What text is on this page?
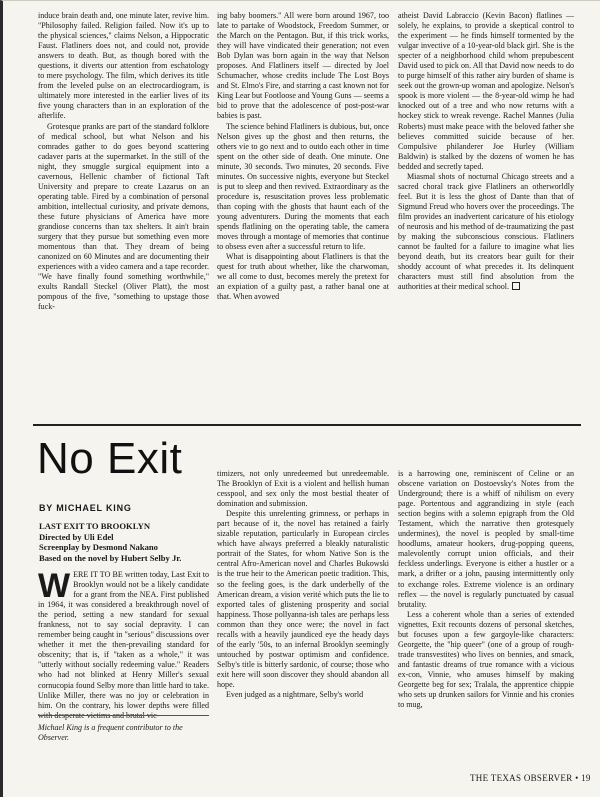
induce brain death and, one minute later, revive him. "Philosophy failed. Religion failed. Now it's up to the physical sciences," claims Nelson, a Hippocratic Faust. Flatliners does not, and could not, provide answers to death. But, as though bored with the questions, it diverts our attention from eschatology to mere psychology. The film, which derives its title from the leveled pulse on an electrocardiogram, is ultimately more interested in the earlier lives of its five young characters than in an exploration of the afterlife.

Grotesque pranks are part of the standard folklore of medical school, but what Nelson and his comrades gather to do goes beyond scattering cadaver parts at the supermarket. In the still of the night, they smuggle surgical equipment into a cavernous, Hellenic chamber of fictional Taft University and prepare to create Lazarus on an operating table. Fired by a combination of personal ambition, intellectual curiosity, and private demons, these future physicians of America have more grandiose concerns than tax shelters. It ain't brain surgery that they pursue but something even more momentous than that. They dream of being canonized on 60 Minutes and are documenting their experiences with a video camera and a tape recorder. "We have finally found something worthwhile," exults Randall Steckel (Oliver Platt), the most pompous of the five, "something to upstage those fuck-

ing baby boomers." All were born around 1967, too late to partake of Woodstock, Freedom Summer, or the March on the Pentagon. But, if this trick works, they will have vindicated their generation; not even Bob Dylan was born again in the way that Nelson proposes. And Flatliners itself — directed by Joel Schumacher, whose credits include The Lost Boys and St. Elmo's Fire, and starring a cast known not for King Lear but Footloose and Young Guns — seems a bid to prove that the adolescence of post-post-war babies is past.

The science behind Flatliners is dubious, but, once Nelson gives up the ghost and then returns, the others vie to go next and to outdo each other in time spent on the other side of death. One minute. One minute, 30 seconds. Two minutes, 20 seconds. Five minutes. On successive nights, everyone but Steckel is put to sleep and then revived. Extraordinary as the procedure is, resuscitation proves less problematic than coping with the ghosts that haunt each of the young adventurers. During the moments that each spends flatlining on the operating table, the camera moves through a montage of memories that continue to obsess even after a successful return to life.

What is disappointing about Flatliners is that the quest for truth about whether, like the charwoman, we all come to dust, becomes merely the pretext for an expiation of a guilty past, a rather banal one at that. When avowed

atheist David Labraccio (Kevin Bacon) flatlines — solely, he explains, to provide a skeptical control to the experiment — he finds himself tormented by the vulgar invective of a 10-year-old black girl. She is the specter of a neighborhood child whom prepubescent David used to pick on. All that David now needs to do to purge himself of this rather airy burden of shame is seek out the grown-up woman and apologize. Nelson's spook is more violent — the 8-year-old wimp he had knocked out of a tree and who now returns with a hockey stick to wreak revenge. Rachel Mannes (Julia Roberts) must make peace with the beloved father she believes committed suicide because of her. Compulsive philanderer Joe Hurley (William Baldwin) is stalked by the dozens of women he has bedded and secretly taped.

Miasmal shots of nocturnal Chicago streets and a sacred choral track give Flatliners an otherworldly feel. But it is less the ghost of Dante than that of Sigmund Freud who hovers over the proceedings. The film provides an inadvertent caricature of his etiology of neurosis and his method of de-traumatizing the past by making the subconscious conscious. Flatliners cannot be faulted for a failure to imagine what lies beyond death, but its creators bear guilt for their shoddy account of what precedes it. Its delinquent characters must still find absolution from the authorities at their medical school.

No Exit
BY MICHAEL KING
LAST EXIT TO BROOKLYN
Directed by Uli Edel
Screenplay by Desmond Nakano
Based on the novel by Hubert Selby Jr.

WERE IT TO BE written today, Last Exit to Brooklyn would not be a likely candidate for a grant from the NEA. First published in 1964, it was considered a breakthrough novel of the period, setting a new standard for sexual frankness, not to say social depravity. I can remember being caught in "serious" discussions over whether it met the then-prevailing standard for obscenity; that is, if "taken as a whole," it was "utterly without socially redeeming value." Readers who had not blinked at Henry Miller's sexual cornucopia found Selby more than little hard to take. Unlike Miller, there was no joy or celebration in him. On the contrary, his lower depths were filled

Michael King is a frequent contributor to the Observer.

timizers, not only unredeemed but unredeemable. The Brooklyn of Exit is a violent and hellish human cesspool, and sex only the most bestial theater of domination and submission.

Despite this unrelenting grimness, or perhaps in part because of it, the novel has retained a fairly sizable reputation, particularly in European circles which have always preferred a bleakly naturalistic portrait of the States, for whom Native Son is the central Afro-American novel and Charles Bukowski is the true heir to the American poetic tradition. This, so the feeling goes, is the dark underbelly of the American dream, a vision verité which puts the lie to exported tales of glistening prosperity and social happiness. Those pollyanna-ish tales are perhaps less common than they once were; the novel in fact recalls with a heavily jaundiced eye the heady days of the early '50s, to an infernal Brooklyn seemingly untouched by postwar optimism and confidence. Selby's title is bitterly sardonic, of course; those who exit here will soon discover they should abandon all hope.

Even judged as a nightmare, Selby's world

is a harrowing one, reminiscent of Celine or an obscene variation on Dostoevsky's Notes from the Underground; there is a whiff of nihilism on every page. Portentous and aggrandizing in style (each section begins with a solemn epigraph from the Old Testament, which the narrative then grotesquely undermines), the novel is peopled by small-time hoodlums, amateur hookers, drug-popping queens, malevolently corrupt union officials, and their feckless underlings. Everyone is either a hustler or a mark, a drifter or a john, pausing intermittently only to exchange roles. Extreme violence is an ordinary reflex — the novel is regularly punctuated by casual brutality.

Less a coherent whole than a series of extended vignettes, Exit recounts dozens of personal sketches, but focuses upon a few gargoyle-like characters: Georgette, the "hip queer" (one of a group of rough-trade transvestites) who lives on bennies, and smack, and fantastic dreams of true romance with a vicious ex-con, Vinnie, who amuses himself by making Georgette beg for sex; Tralala, the apprentice chippie who sets up drunken sailors for Vinnie and his cronies to mug,

THE TEXAS OBSERVER • 19
